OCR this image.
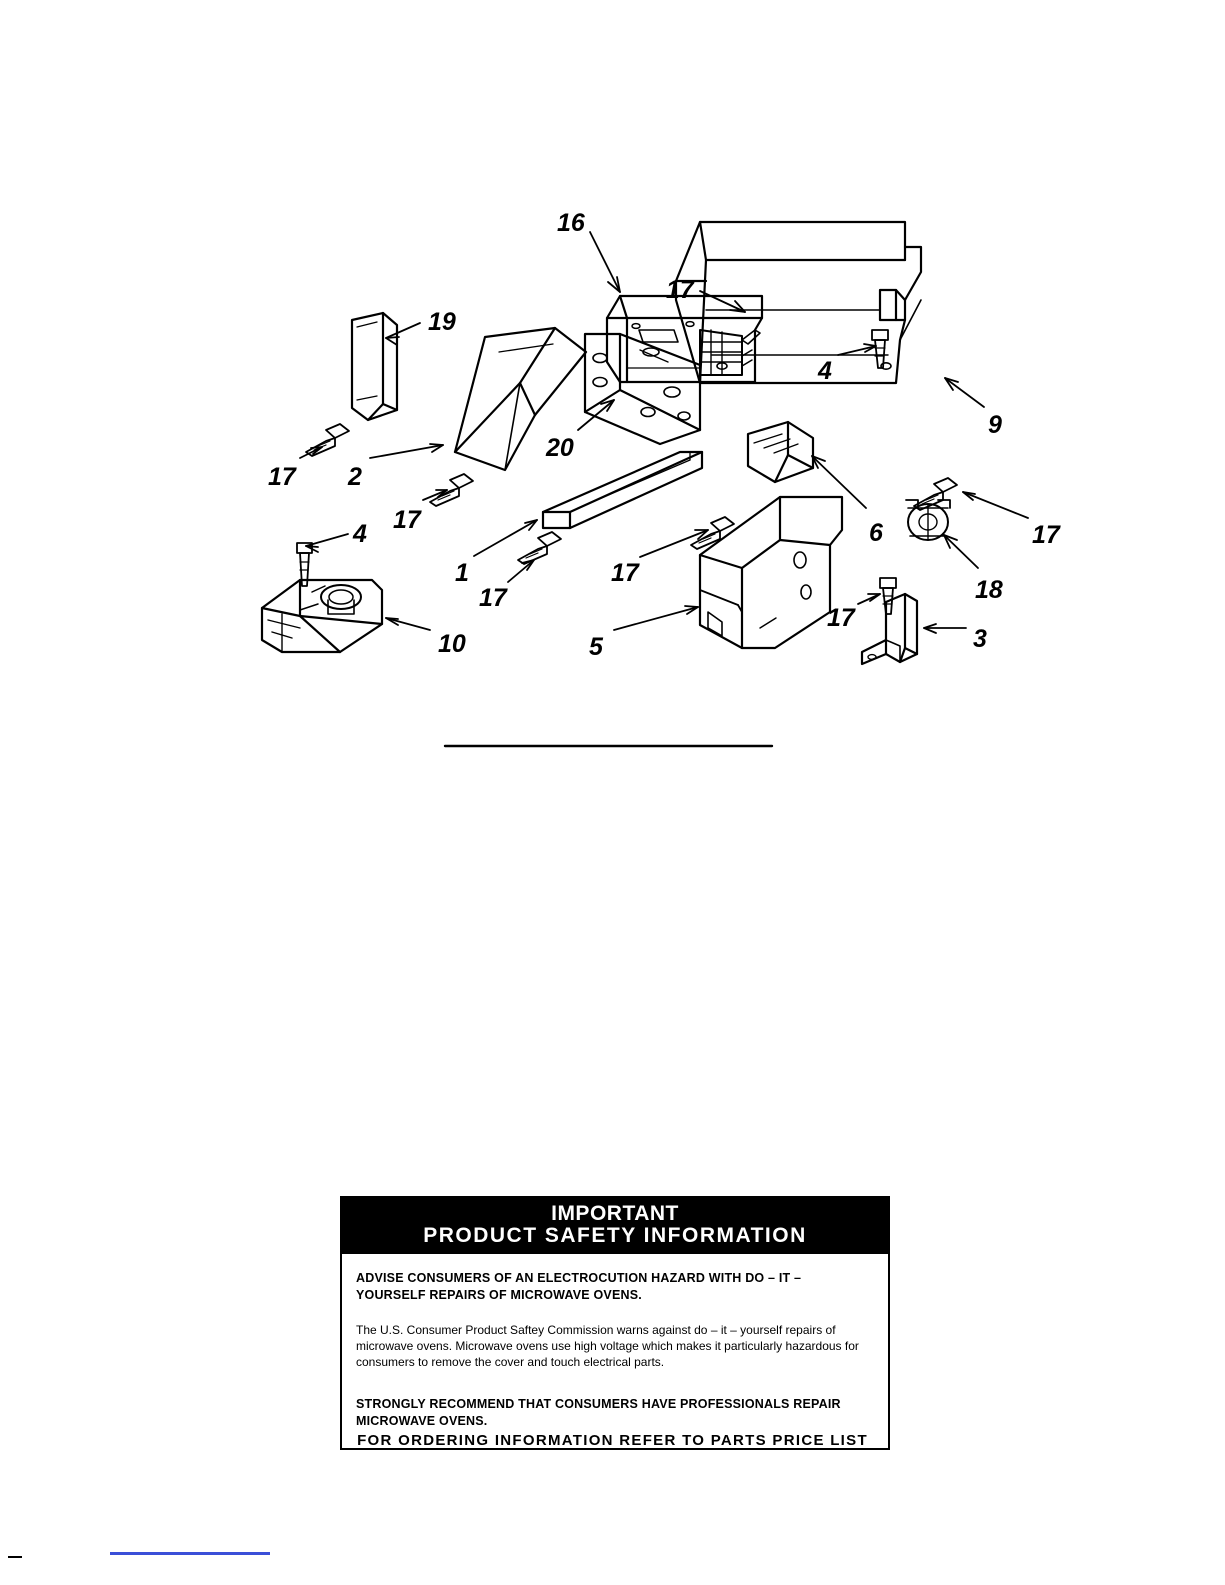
16
17
19
4
9
20
17 2
17
17
4	6
1	17
18
17
17
10	3
5
IMPORTANT
PRODUCT SAFETY INFORMATION

ADVISE CONSUMERS OF AN ELECTROCUTION HAZARD WITH DO – IT – YOURSELF REPAIRS OF MICROWAVE OVENS.

The U.S. Consumer Product Saftey Commission warns against do – it – yourself repairs of microwave ovens. Microwave ovens use high voltage which makes it particularly hazardous for consumers to remove the cover and touch electrical parts.

STRONGLY RECOMMEND THAT CONSUMERS HAVE PROFESSIONALS REPAIR MICROWAVE OVENS.

FOR ORDERING INFORMATION REFER TO PARTS PRICE LIST
